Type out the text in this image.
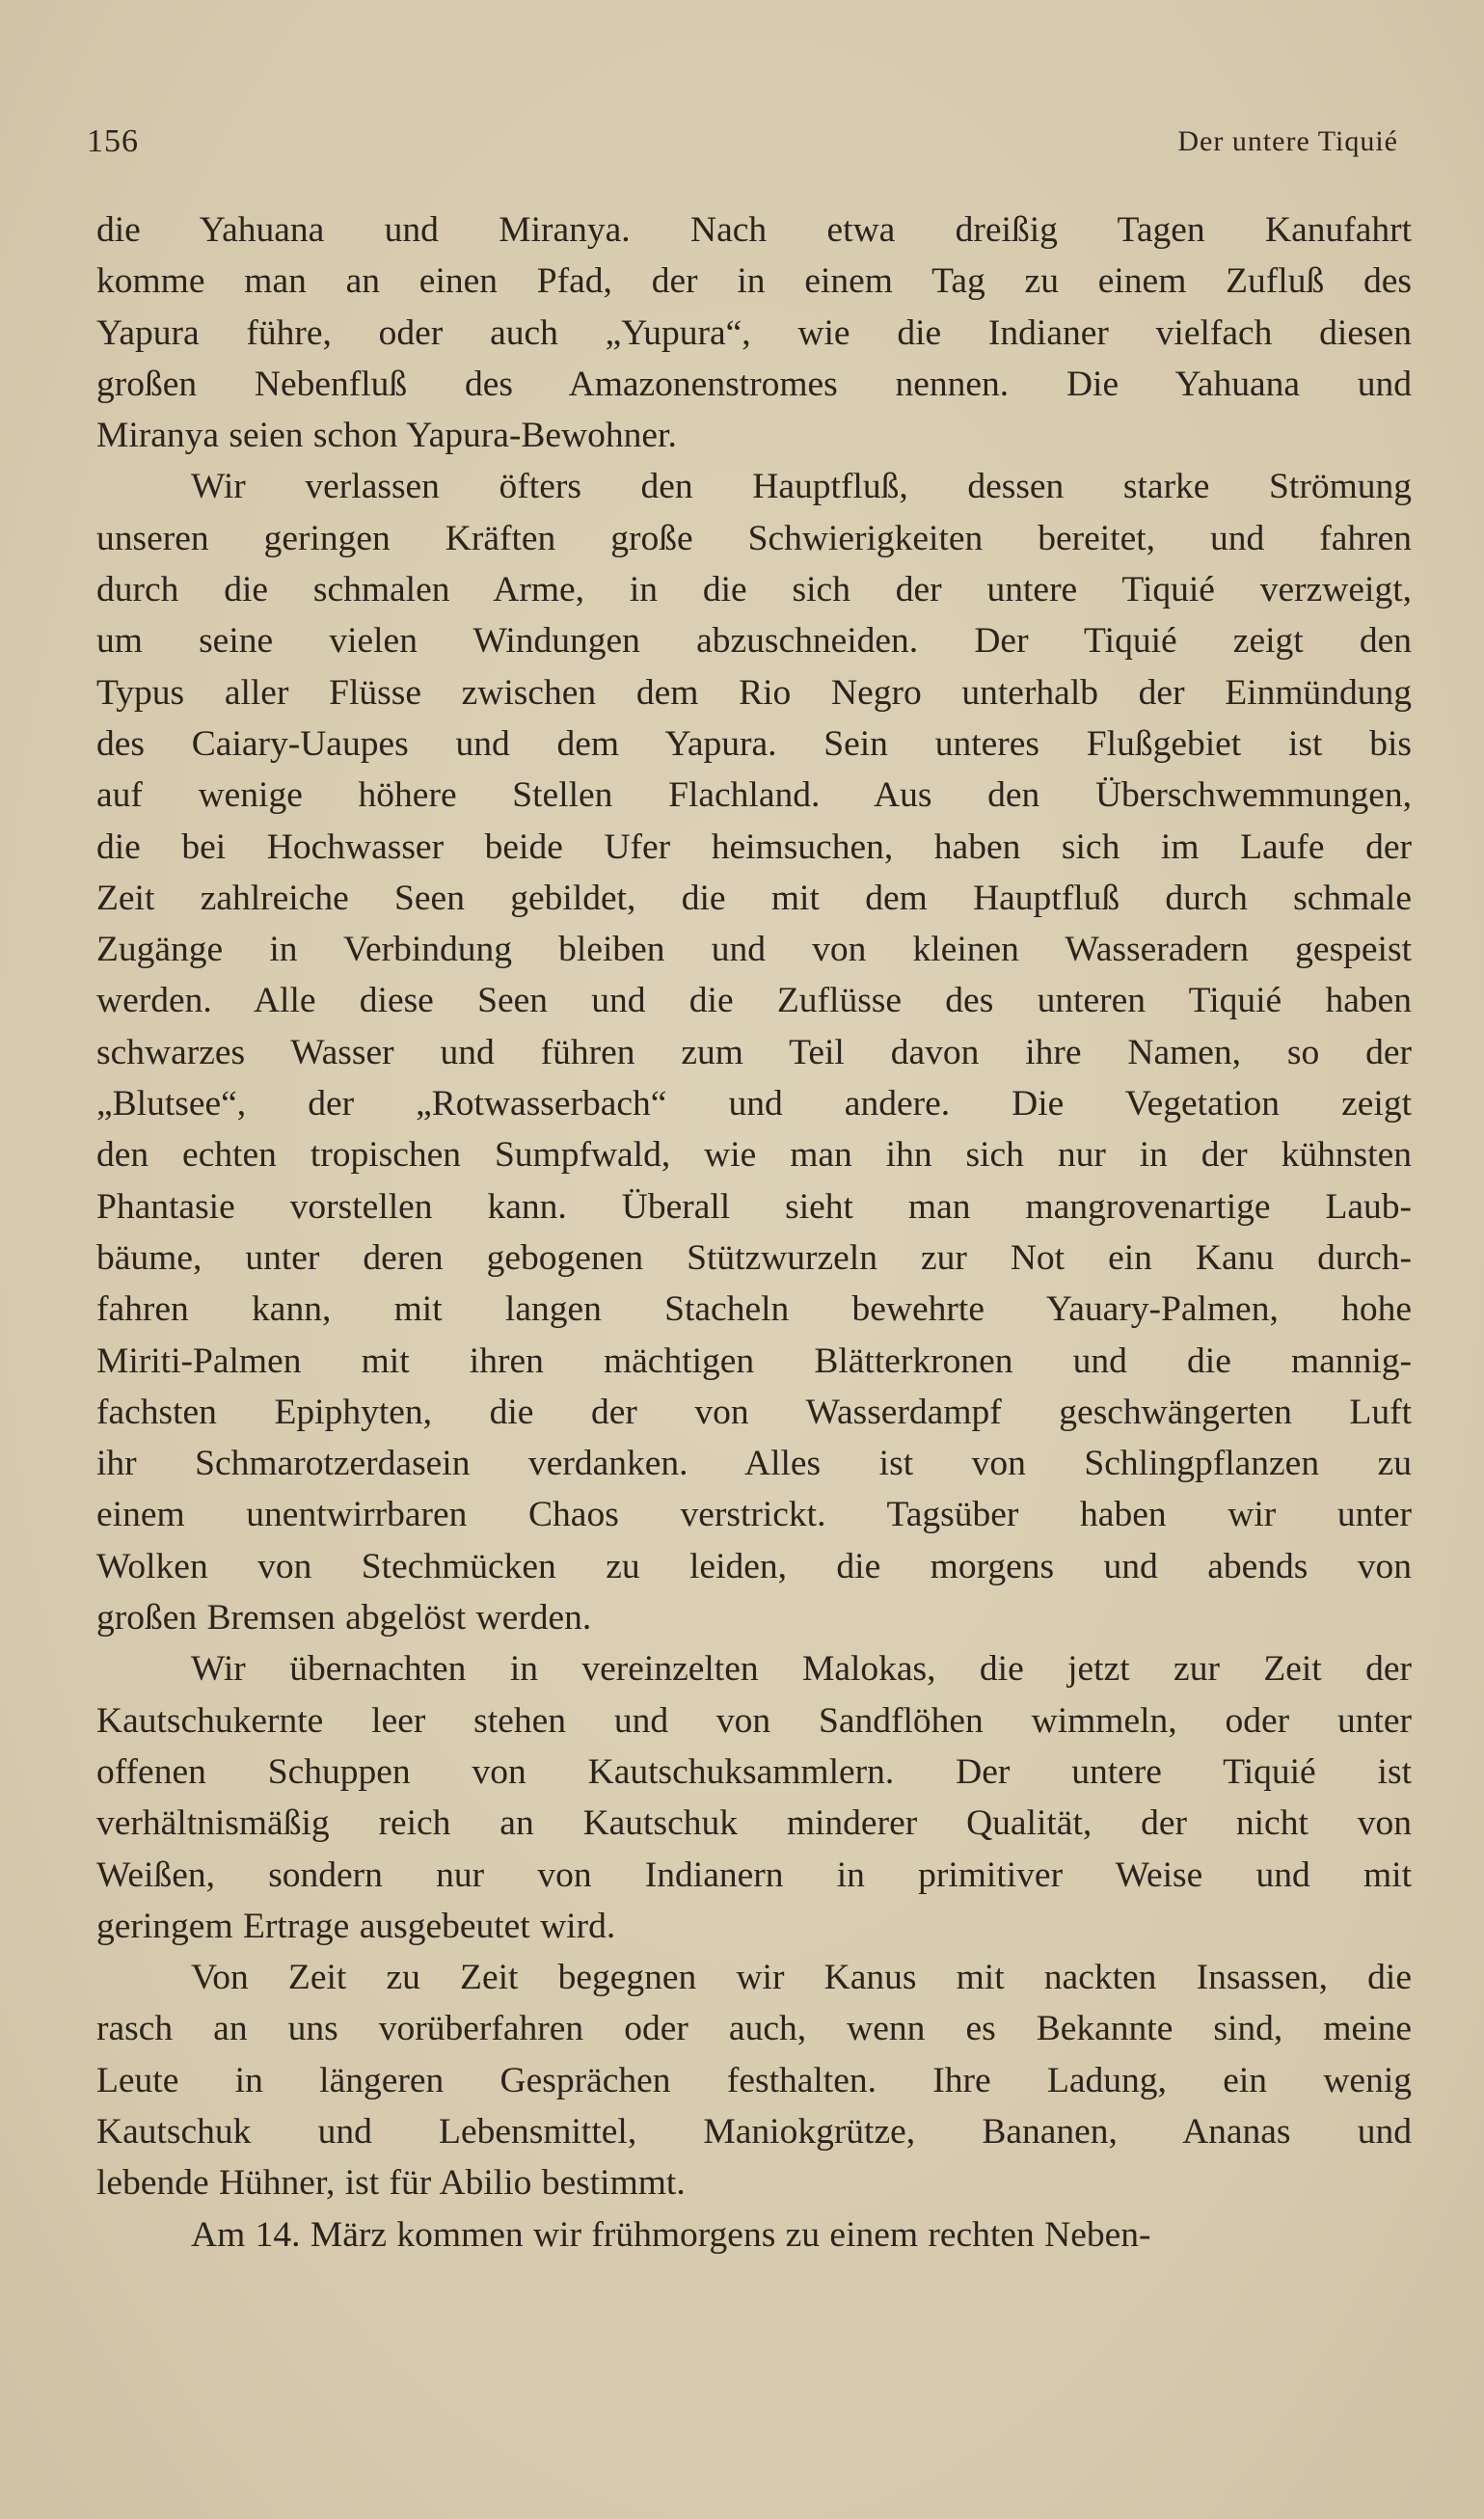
156	Der untere Tiquié
die Yahuana und Miranya. Nach etwa dreißig Tagen Kanufahrt
komme man an einen Pfad, der in einem Tag zu einem Zufluß des
Yapura führe, oder auch „Yupura“, wie die Indianer vielfach diesen
großen Nebenfluß des Amazonenstromes nennen. Die Yahuana und
Miranya seien schon Yapura-Bewohner.
Wir verlassen öfters den Hauptfluß, dessen starke Strömung
unseren geringen Kräften große Schwierigkeiten bereitet, und fahren
durch die schmalen Arme, in die sich der untere Tiquié verzweigt,
um seine vielen Windungen abzuschneiden. Der Tiquié zeigt den
Typus aller Flüsse zwischen dem Rio Negro unterhalb der Einmündung
des Caiary-Uaupes und dem Yapura. Sein unteres Flußgebiet ist bis
auf wenige höhere Stellen Flachland. Aus den Überschwemmungen,
die bei Hochwasser beide Ufer heimsuchen, haben sich im Laufe der
Zeit zahlreiche Seen gebildet, die mit dem Hauptfluß durch schmale
Zugänge in Verbindung bleiben und von kleinen Wasseradern gespeist
werden. Alle diese Seen und die Zuflüsse des unteren Tiquié haben
schwarzes Wasser und führen zum Teil davon ihre Namen, so der
„Blutsee“, der „Rotwasserbach“ und andere. Die Vegetation zeigt
den echten tropischen Sumpfwald, wie man ihn sich nur in der kühnsten
Phantasie vorstellen kann. Überall sieht man mangrovenartige Laub-
bäume, unter deren gebogenen Stützwurzeln zur Not ein Kanu durch-
fahren kann, mit langen Stacheln bewehrte Yauary-Palmen, hohe
Miriti-Palmen mit ihren mächtigen Blätterkronen und die mannig-
fachsten Epiphyten, die der von Wasserdampf geschwängerten Luft
ihr Schmarotzerdasein verdanken. Alles ist von Schlingpflanzen zu
einem unentwirrbaren Chaos verstrickt. Tagsüber haben wir unter
Wolken von Stechmücken zu leiden, die morgens und abends von
großen Bremsen abgelöst werden.
Wir übernachten in vereinzelten Malokas, die jetzt zur Zeit der
Kautschukernte leer stehen und von Sandflöhen wimmeln, oder unter
offenen Schuppen von Kautschuksammlern. Der untere Tiquié ist
verhältnismäßig reich an Kautschuk minderer Qualität, der nicht von
Weißen, sondern nur von Indianern in primitiver Weise und mit
geringem Ertrage ausgebeutet wird.
Von Zeit zu Zeit begegnen wir Kanus mit nackten Insassen, die
rasch an uns vorüberfahren oder auch, wenn es Bekannte sind, meine
Leute in längeren Gesprächen festhalten. Ihre Ladung, ein wenig
Kautschuk und Lebensmittel, Maniokgrütze, Bananen, Ananas und
lebende Hühner, ist für Abilio bestimmt.
Am 14. März kommen wir frühmorgens zu einem rechten Neben-
